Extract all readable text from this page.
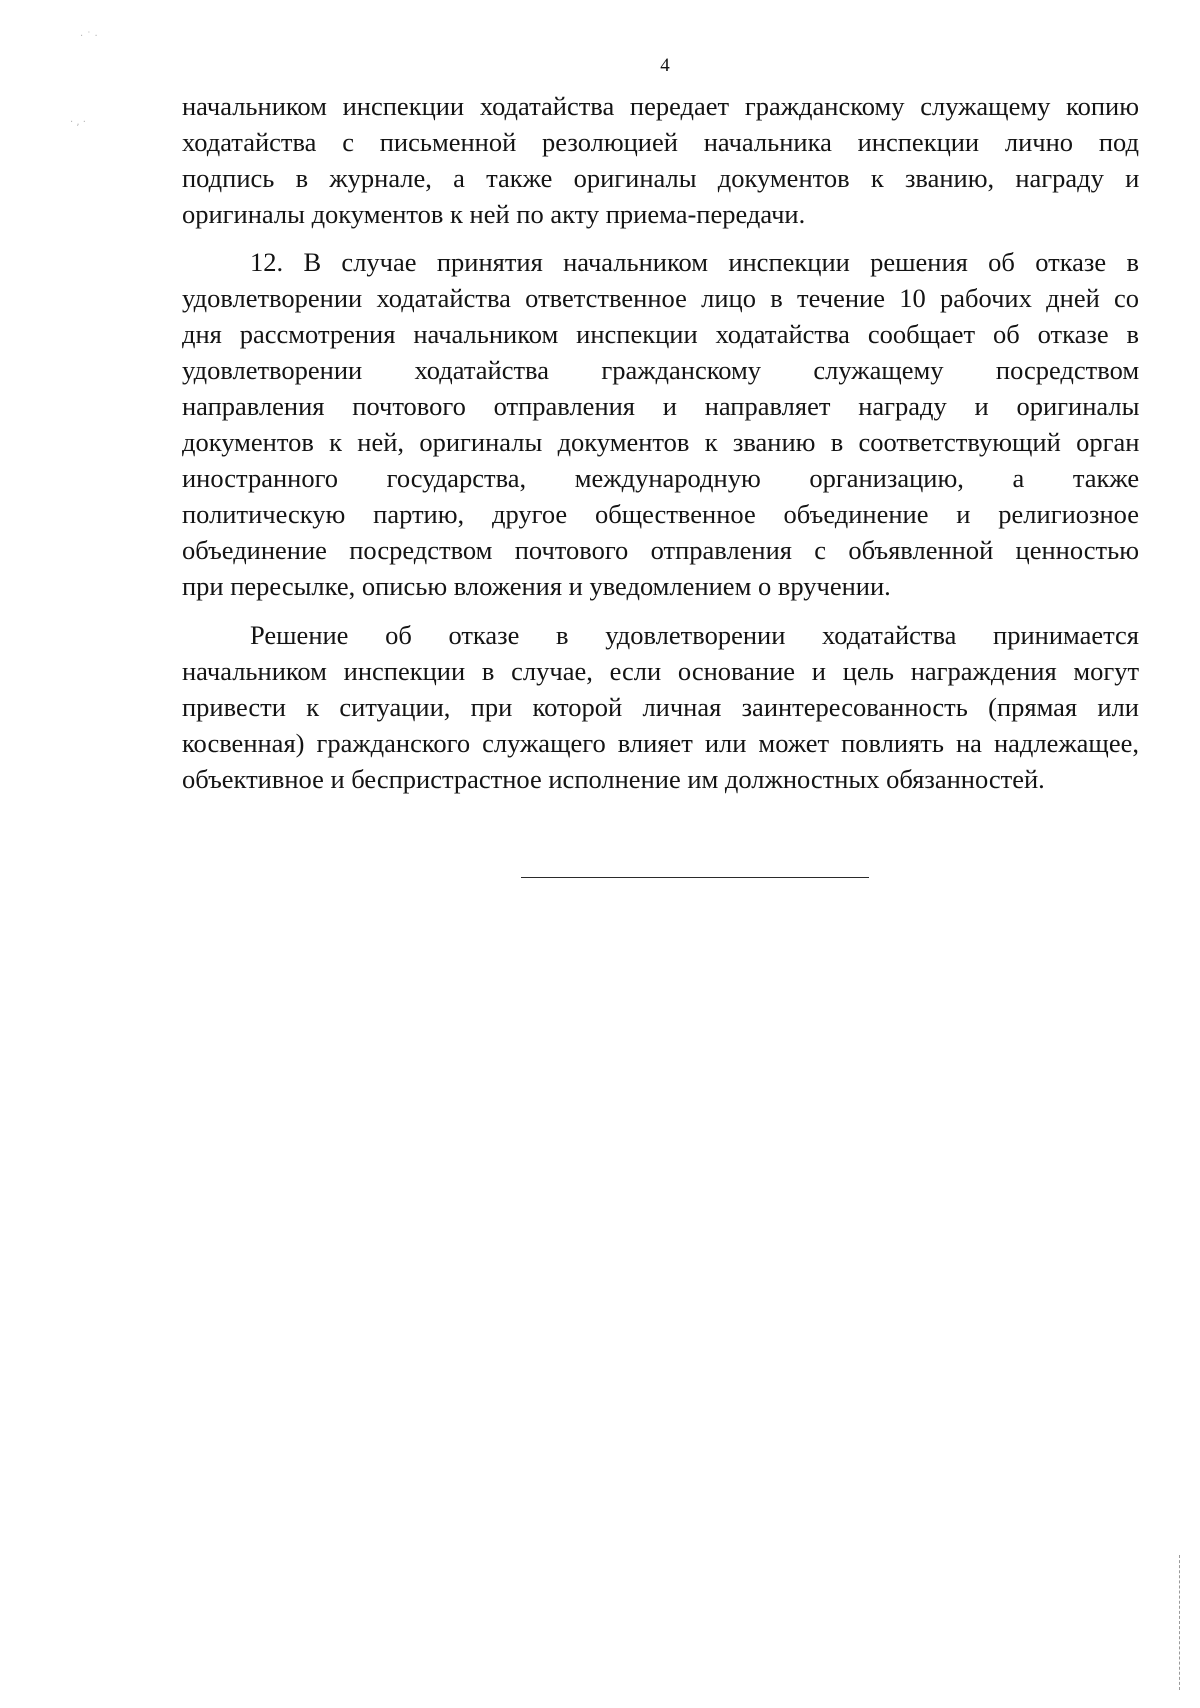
· ˙ ·
· , ·
4
начальником инспекции ходатайства передает гражданскому служащему копию
ходатайства с письменной резолюцией начальника инспекции лично под
подпись в журнале, а также оригиналы документов к званию, награду и
оригиналы документов к ней по акту приема-передачи.
12. В случае принятия начальником инспекции решения об отказе в
удовлетворении ходатайства ответственное лицо в течение 10 рабочих дней со
дня рассмотрения начальником инспекции ходатайства сообщает об отказе в
удовлетворении ходатайства гражданскому служащему посредством
направления почтового отправления и направляет награду и оригиналы
документов к ней, оригиналы документов к званию в соответствующий орган
иностранного государства, международную организацию, а также
политическую партию, другое общественное объединение и религиозное
объединение посредством почтового отправления с объявленной ценностью
при пересылке, описью вложения и уведомлением о вручении.
Решение об отказе в удовлетворении ходатайства принимается
начальником инспекции в случае, если основание и цель награждения могут
привести к ситуации, при которой личная заинтересованность (прямая или
косвенная) гражданского служащего влияет или может повлиять на надлежащее,
объективное и беспристрастное исполнение им должностных обязанностей.
